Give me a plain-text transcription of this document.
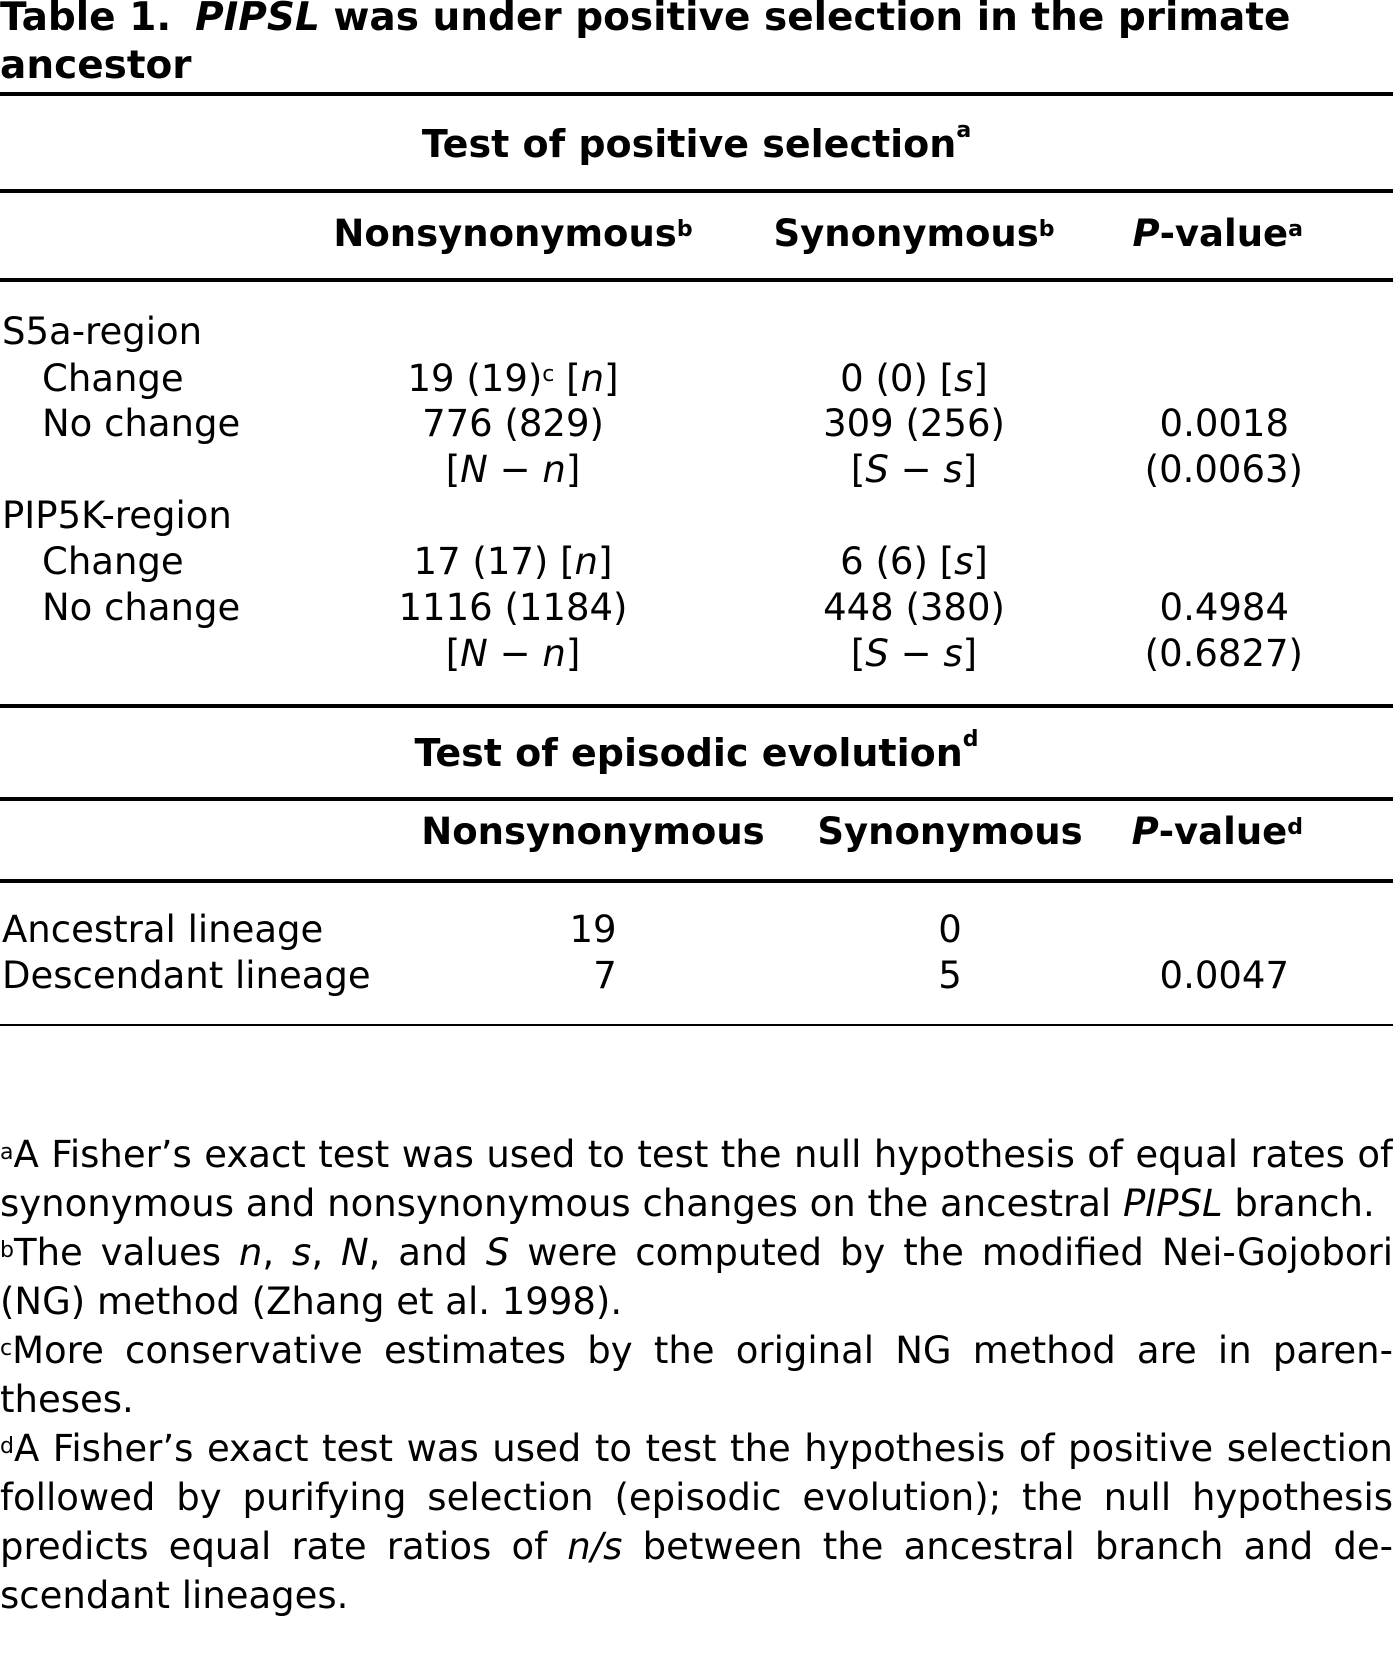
Table 1. PIPSL was under positive selection in the primate ancestor
Test of positive selection$^a$
Nonsynonymous$^b$ Synonymous$^b$ P-value$^a$
S5a-region
Change	19 $(19)^c$ [n]	0 (0) [s]
No change	776 (829)	309 (256)	0.0018
[N − n]	[S − s]	(0.0063)
PIP5K-region
Change	17 (17) [n]	6 (6) [s]
No change	1116 (1184)	448 (380)	0.4984
[N − n]	[S − s]	(0.6827)
Test of episodic evolution$^d$
Nonsynonymous Synonymous P-value$^d$
Ancestral lineage	19	0
Descendant lineage	7	5	0.0047

$^a$A Fisher’s exact test was used to test the null hypothesis of equal rates of synonymous and nonsynonymous changes on the ancestral PIPSL branch.

$^b$The values n, s, N, and S were computed by the modified Nei-Gojobori (NG) method (Zhang et al. 1998).

$^c$More conservative estimates by the original NG method are in paren-theses.

$^d$A Fisher’s exact test was used to test the hypothesis of positive selection followed by purifying selection (episodic evolution); the null hypothesis predicts equal rate ratios of n/s between the ancestral branch and de-scendant lineages.
